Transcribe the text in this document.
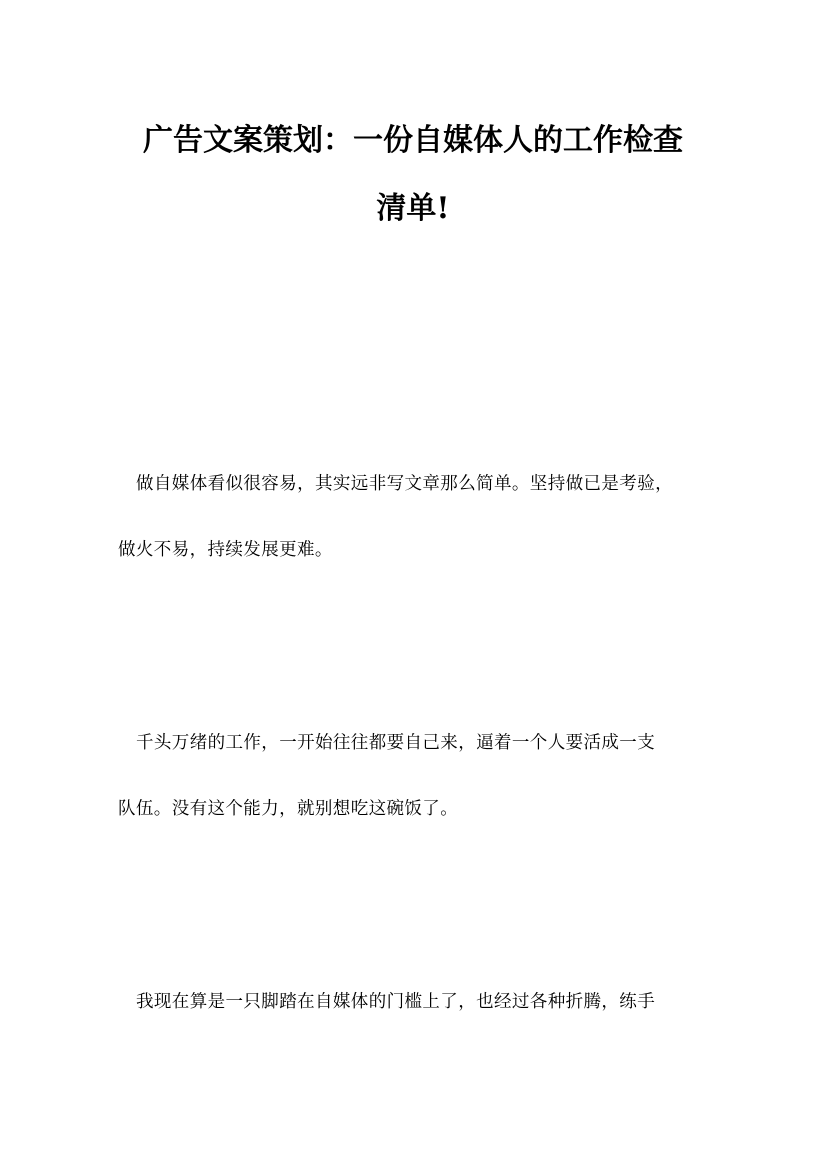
广告文案策划：一份自媒体人的工作检查
清单!
做自媒体看似很容易，其实远非写文章那么简单。坚持做已是考验，
做火不易，持续发展更难。
千头万绪的工作，一开始往往都要自己来，逼着一个人要活成一支
队伍。没有这个能力，就别想吃这碗饭了。
我现在算是一只脚踏在自媒体的门槛上了，也经过各种折腾，练手
